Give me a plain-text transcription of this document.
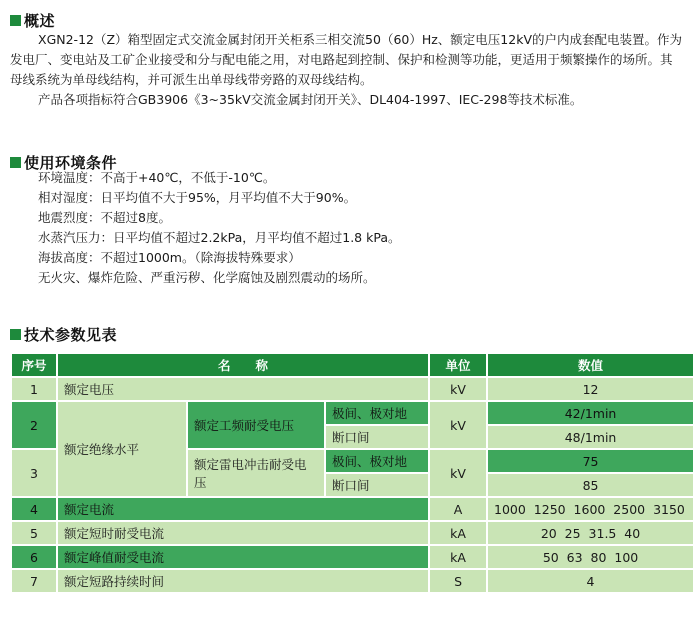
概述
XGN2-12（Z）箱型固定式交流金属封闭开关柜系三相交流50（60）Hz、额定电压12kV的户内成套配电装置。作为
发电厂、变电站及工矿企业接受和分与配电能之用，对电路起到控制、保护和检测等功能，更适用于频繁操作的场所。其
母线系统为单母线结构，并可派生出单母线带旁路的双母线结构。
产品各项指标符合GB3906《3~35kV交流金属封闭开关》、DL404-1997、IEC-298等技术标准。
使用环境条件
环境温度：不高于+40℃，不低于-10℃。
相对湿度：日平均值不大于95%，月平均值不大于90%。
地震烈度：不超过8度。
水蒸汽压力：日平均值不超过2.2kPa，月平均值不超过1.8 kPa。
海拔高度：不超过1000m。（除海拔特殊要求）
无火灾、爆炸危险、严重污秽、化学腐蚀及剧烈震动的场所。
技术参数见表
序号	名　　称			单位	数值
1	额定电压			kV	12
2	额定绝缘水平	额定工频耐受电压	极间、极对地	kV	42/1min
			断口间		48/1min
3		额定雷电冲击耐受电压	极间、极对地	kV	75
			断口间		85
4	额定电流			A	1000  1250  1600  2500  3150
5	额定短时耐受电流			kA	20  25  31.5  40
6	额定峰值耐受电流			kA	50  63  80  100
7	额定短路持续时间			S	4
